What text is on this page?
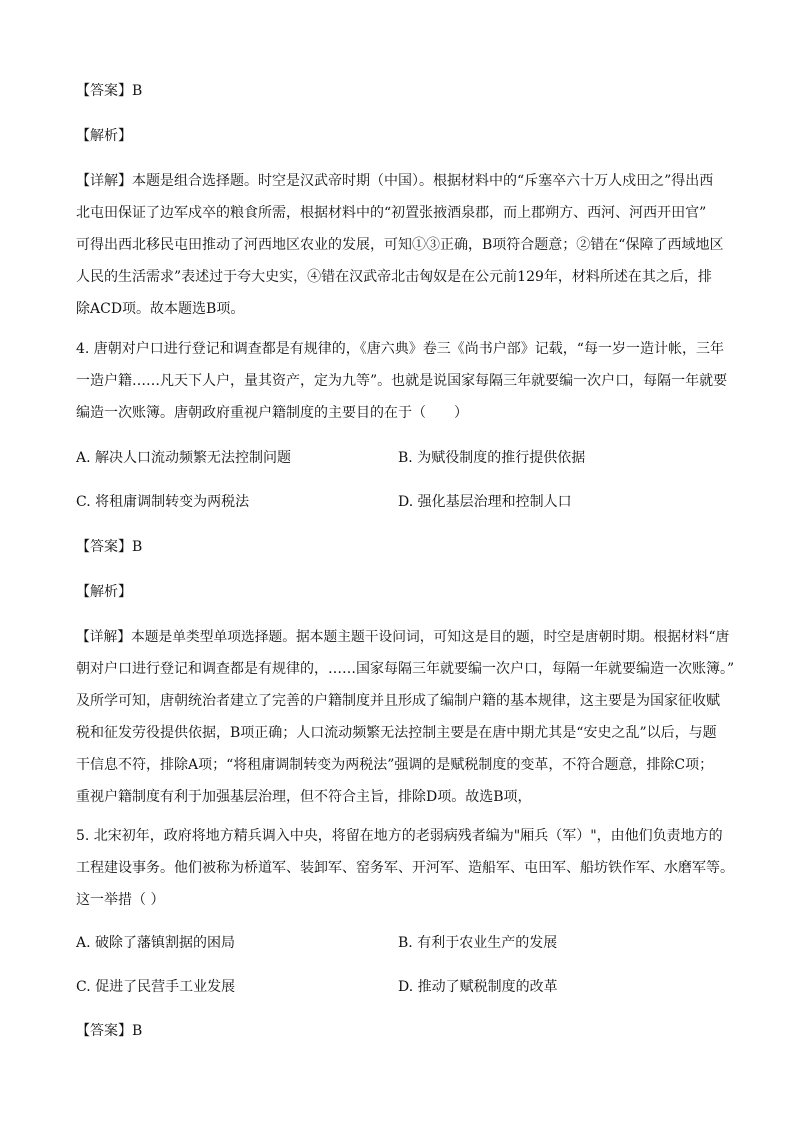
【答案】B
【解析】
【详解】本题是组合选择题。时空是汉武帝时期（中国）。根据材料中的“斥塞卒六十万人戍田之”得出西
北屯田保证了边军戍卒的粮食所需，根据材料中的“初置张掖酒泉郡，而上郡朔方、西河、河西开田官”
可得出西北移民屯田推动了河西地区农业的发展，可知①③正确，B项符合题意；②错在“保障了西域地区
人民的生活需求”表述过于夸大史实，④错在汉武帝北击匈奴是在公元前129年，材料所述在其之后，排
除ACD项。故本题选B项。
4. 唐朝对户口进行登记和调查都是有规律的，《唐六典》卷三《尚书户部》记载，“每一岁一造计帐，三年
一造户籍……凡天下人户，量其资产，定为九等”。也就是说国家每隔三年就要编一次户口，每隔一年就要
编造一次账簿。唐朝政府重视户籍制度的主要目的在于（　　）
A. 解决人口流动频繁无法控制问题	B. 为赋役制度的推行提供依据
C. 将租庸调制转变为两税法	D. 强化基层治理和控制人口
【答案】B
【解析】
【详解】本题是单类型单项选择题。据本题主题干设问词，可知这是目的题，时空是唐朝时期。根据材料“唐
朝对户口进行登记和调查都是有规律的，……国家每隔三年就要编一次户口，每隔一年就要编造一次账簿。”
及所学可知，唐朝统治者建立了完善的户籍制度并且形成了编制户籍的基本规律，这主要是为国家征收赋
税和征发劳役提供依据，B项正确；人口流动频繁无法控制主要是在唐中期尤其是“安史之乱”以后，与题
干信息不符，排除A项；“将租庸调制转变为两税法”强调的是赋税制度的变革，不符合题意，排除C项；
重视户籍制度有利于加强基层治理，但不符合主旨，排除D项。故选B项，
5. 北宋初年，政府将地方精兵调入中央，将留在地方的老弱病残者编为"厢兵（军）"，由他们负责地方的
工程建设事务。他们被称为桥道军、装卸军、窑务军、开河军、造船军、屯田军、船坊铁作军、水磨军等。
这一举措（ ）
A. 破除了藩镇割据的困局	B. 有利于农业生产的发展
C. 促进了民营手工业发展	D. 推动了赋税制度的改革
【答案】B
